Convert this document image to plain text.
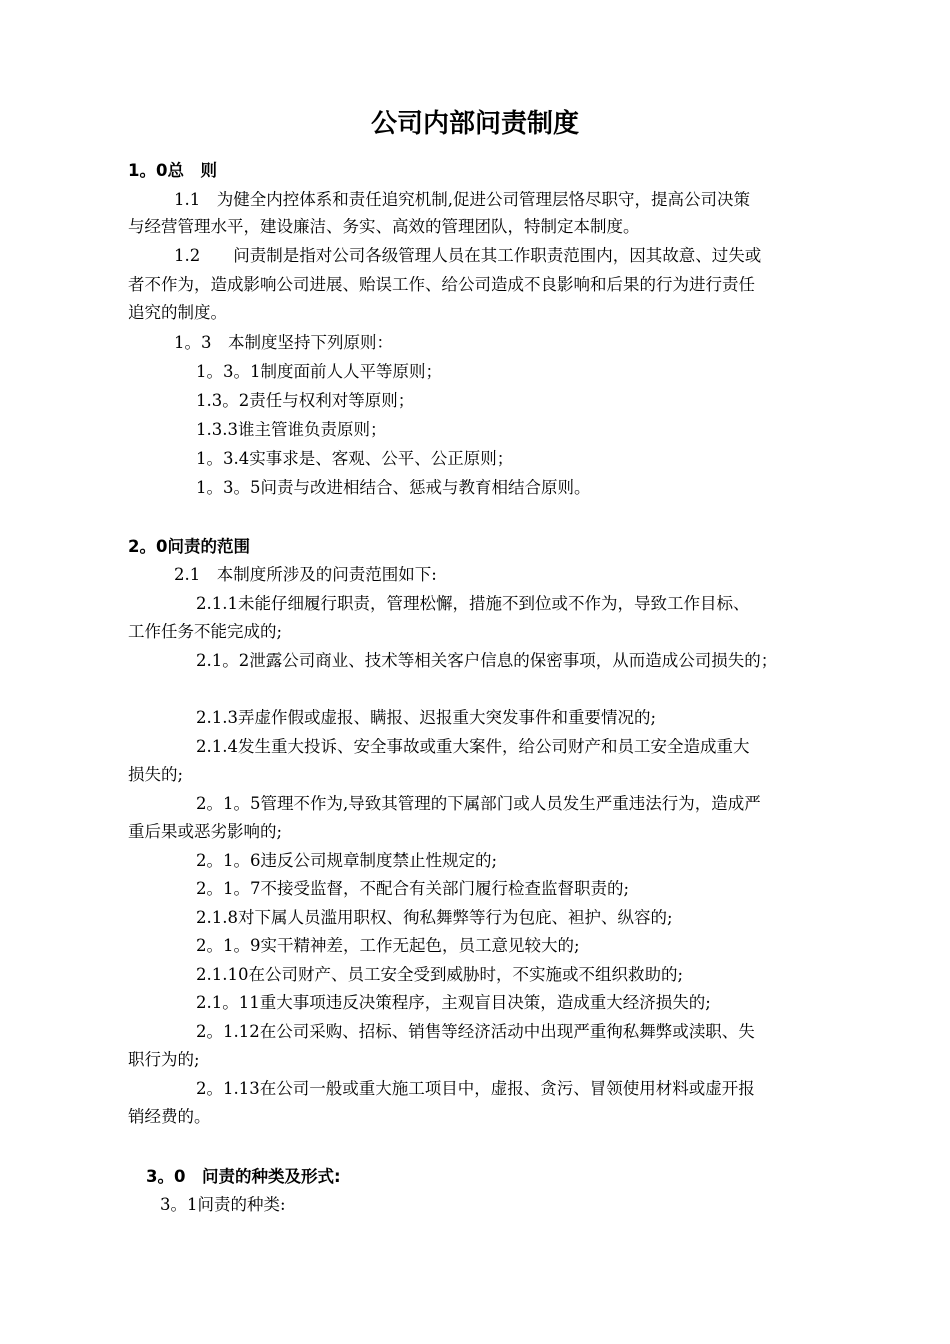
公司内部问责制度

1。0总　则

1.1　为健全内控体系和责任追究机制,促进公司管理层恪尽职守，提高公司决策

与经营管理水平，建设廉洁、务实、高效的管理团队，特制定本制度。

1.2　　问责制是指对公司各级管理人员在其工作职责范围内，因其故意、过失或

者不作为，造成影响公司进展、贻误工作、给公司造成不良影响和后果的行为进行责任

追究的制度。

1。3　本制度坚持下列原则：

1。3。1制度面前人人平等原则；

1.3。2责任与权利对等原则；

1.3.3谁主管谁负责原则；

1。3.4实事求是、客观、公平、公正原则；

1。3。5问责与改进相结合、惩戒与教育相结合原则。

2。0问责的范围

2.1　本制度所涉及的问责范围如下:

2.1.1未能仔细履行职责，管理松懈，措施不到位或不作为，导致工作目标、

工作任务不能完成的;

2.1。2泄露公司商业、技术等相关客户信息的保密事项，从而造成公司损失的；

2.1.3弄虚作假或虚报、瞒报、迟报重大突发事件和重要情况的;

2.1.4发生重大投诉、安全事故或重大案件，给公司财产和员工安全造成重大

损失的;

2。1。5管理不作为,导致其管理的下属部门或人员发生严重违法行为，造成严

重后果或恶劣影响的;

2。1。6违反公司规章制度禁止性规定的;

2。1。7不接受监督，不配合有关部门履行检查监督职责的;

2.1.8对下属人员滥用职权、徇私舞弊等行为包庇、袒护、纵容的;

2。1。9实干精神差，工作无起色，员工意见较大的;

2.1.10在公司财产、员工安全受到威胁时，不实施或不组织救助的;

2.1。11重大事项违反决策程序，主观盲目决策，造成重大经济损失的;

2。1.12在公司采购、招标、销售等经济活动中出现严重徇私舞弊或渎职、失

职行为的;

2。1.13在公司一般或重大施工项目中，虚报、贪污、冒领使用材料或虚开报

销经费的。

3。0　问责的种类及形式:

3。1问责的种类:
